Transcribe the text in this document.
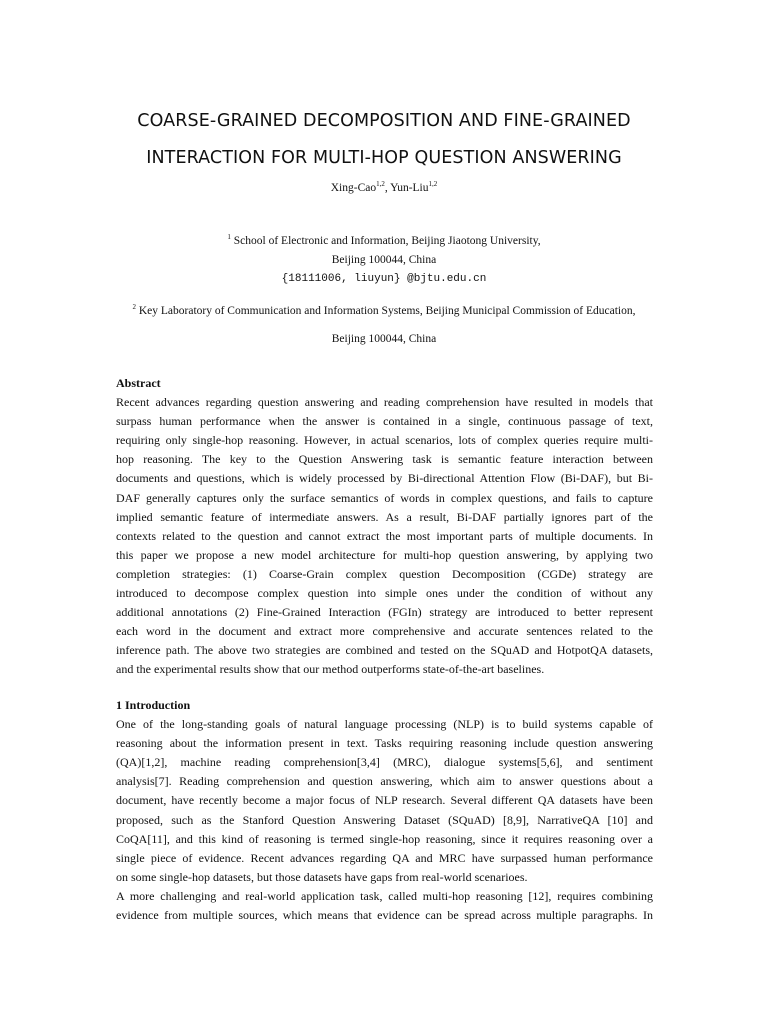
COARSE-GRAINED DECOMPOSITION AND FINE-GRAINED
INTERACTION FOR MULTI-HOP QUESTION ANSWERING
Xing-Cao$^{1,2}$, Yun-Liu$^{1,2}$
$^1$ School of Electronic and Information, Beijing Jiaotong University,
Beijing 100044, China
{18111006, liuyun} @bjtu.edu.cn
$^2$ Key Laboratory of Communication and Information Systems, Beijing Municipal Commission of Education,
Beijing 100044, China
Abstract
Recent advances regarding question answering and reading comprehension have resulted in models that
surpass human performance when the answer is contained in a single, continuous passage of text,
requiring only single-hop reasoning. However, in actual scenarios, lots of complex queries require multi-
hop reasoning. The key to the Question Answering task is semantic feature interaction between
documents and questions, which is widely processed by Bi-directional Attention Flow (Bi-DAF), but Bi-
DAF generally captures only the surface semantics of words in complex questions, and fails to capture
implied semantic feature of intermediate answers. As a result, Bi-DAF partially ignores part of the
contexts related to the question and cannot extract the most important parts of multiple documents. In
this paper we propose a new model architecture for multi-hop question answering, by applying two
completion strategies: (1) Coarse-Grain complex question Decomposition (CGDe) strategy are
introduced to decompose complex question into simple ones under the condition of without any
additional annotations (2) Fine-Grained Interaction (FGIn) strategy are introduced to better represent
each word in the document and extract more comprehensive and accurate sentences related to the
inference path. The above two strategies are combined and tested on the SQuAD and HotpotQA datasets,
and the experimental results show that our method outperforms state-of-the-art baselines.
1 Introduction
One of the long-standing goals of natural language processing (NLP) is to build systems capable of
reasoning about the information present in text. Tasks requiring reasoning include question answering
(QA)[1,2], machine reading comprehension[3,4] (MRC), dialogue systems[5,6], and sentiment
analysis[7]. Reading comprehension and question answering, which aim to answer questions about a
document, have recently become a major focus of NLP research. Several different QA datasets have been
proposed, such as the Stanford Question Answering Dataset (SQuAD) [8,9], NarrativeQA [10] and
CoQA[11], and this kind of reasoning is termed single-hop reasoning, since it requires reasoning over a
single piece of evidence. Recent advances regarding QA and MRC have surpassed human performance
on some single-hop datasets, but those datasets have gaps from real-world scenarioes.
A more challenging and real-world application task, called multi-hop reasoning [12], requires combining
evidence from multiple sources, which means that evidence can be spread across multiple paragraphs. In
